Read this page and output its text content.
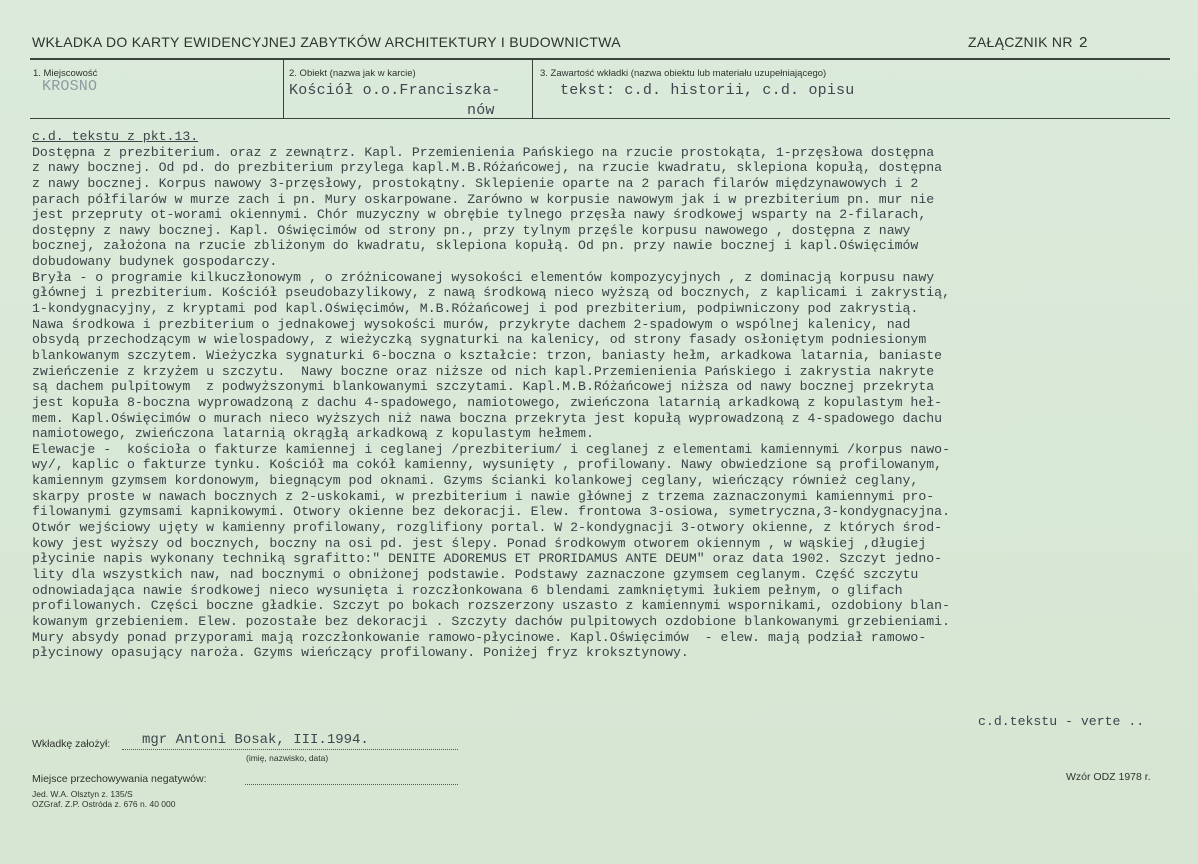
WKŁADKA DO KARTY EWIDENCYJNEJ ZABYTKÓW ARCHITEKTURY I BUDOWNICTWA	ZAŁĄCZNIK NR 2
1. Miejscowość
KROSNO
2. Obiekt (nazwa jak w karcie)
Kościół o.o.Franciszka-
nów
3. Zawartość wkładki (nazwa obiektu lub materiału uzupełniającego)
tekst: c.d. historii, c.d. opisu
c.d. tekstu z pkt.13.
Dostępna z prezbiterium. oraz z zewnątrz. Kapl. Przemienienia Pańskiego na rzucie prostokąta, 1-przęsłowa dostępna
z nawy bocznej. Od pd. do prezbiterium przylega kapl.M.B.Różańcowej, na rzucie kwadratu, sklepiona kopułą, dostępna
z nawy bocznej. Korpus nawowy 3-przęsłowy, prostokątny. Sklepienie oparte na 2 parach filarów międzynawowych i 2
parach półfilarów w murze zach i pn. Mury oskarpowane. Zarówno w korpusie nawowym jak i w prezbiterium pn. mur nie
jest przepruty ot-worami okiennymi. Chór muzyczny w obrębie tylnego przęsła nawy środkowej wsparty na 2-filarach,
dostępny z nawy bocznej. Kapl. Oświęcimów od strony pn., przy tylnym przęśle korpusu nawowego , dostępna z nawy
bocznej, założona na rzucie zbliżonym do kwadratu, sklepiona kopułą. Od pn. przy nawie bocznej i kapl.Oświęcimów
dobudowany budynek gospodarczy.
Bryła - o programie kilkuczłonowym , o zróżnicowanej wysokości elementów kompozycyjnych , z dominacją korpusu nawy
głównej i prezbiterium. Kościół pseudobazylikowy, z nawą środkową nieco wyższą od bocznych, z kaplicami i zakrystią,
1-kondygnacyjny, z kryptami pod kapl.Oświęcimów, M.B.Różańcowej i pod prezbiterium, podpiwniczony pod zakrystią.
Nawa środkowa i prezbiterium o jednakowej wysokości murów, przykryte dachem 2-spadowym o wspólnej kalenicy, nad
obsydą przechodzącym w wielospadowy, z wieżyczką sygnaturki na kalenicy, od strony fasady osłoniętym podniesionym
blankowanym szczytem. Wieżyczka sygnaturki 6-boczna o kształcie: trzon, baniasty hełm, arkadkowa latarnia, baniaste
zwieńczenie z krzyżem u szczytu.  Nawy boczne oraz niższe od nich kapl.Przemienienia Pańskiego i zakrystia nakryte
są dachem pulpitowym  z podwyższonymi blankowanymi szczytami. Kapl.M.B.Różańcowej niższa od nawy bocznej przekryta
jest kopuła 8-boczna wyprowadzoną z dachu 4-spadowego, namiotowego, zwieńczona latarnią arkadkową z kopulastym heł-
mem. Kapl.Oświęcimów o murach nieco wyższych niż nawa boczna przekryta jest kopułą wyprowadzoną z 4-spadowego dachu
namiotowego, zwieńczona latarnią okrągłą arkadkową z kopulastym hełmem.
Elewacje -  kościoła o fakturze kamiennej i ceglanej /prezbiterium/ i ceglanej z elementami kamiennymi /korpus nawo-
wy/, kaplic o fakturze tynku. Kościół ma cokół kamienny, wysunięty , profilowany. Nawy obwiedzione są profilowanym,
kamiennym gzymsem kordonowym, biegnącym pod oknami. Gzyms ścianki kolankowej ceglany, wieńczący również ceglany,
skarpy proste w nawach bocznych z 2-uskokami, w prezbiterium i nawie głównej z trzema zaznaczonymi kamiennymi pro-
filowanymi gzymsami kapnikowymi. Otwory okienne bez dekoracji. Elew. frontowa 3-osiowa, symetryczna,3-kondygnacyjna.
Otwór wejściowy ujęty w kamienny profilowany, rozglifiony portal. W 2-kondygnacji 3-otwory okienne, z których środ-
kowy jest wyższy od bocznych, boczny na osi pd. jest ślepy. Ponad środkowym otworem okiennym , w wąskiej ,długiej
płycinie napis wykonany techniką sgrafitto:" DENITE ADOREMUS ET PRORIDAMUS ANTE DEUM" oraz data 1902. Szczyt jedno-
lity dla wszystkich naw, nad bocznymi o obniżonej podstawie. Podstawy zaznaczone gzymsem ceglanym. Część szczytu
odnowiadająca nawie środkowej nieco wysunięta i rozczłonkowana 6 blendami zamkniętymi łukiem pełnym, o glifach
profilowanych. Części boczne gładkie. Szczyt po bokach rozszerzony uszasto z kamiennymi wspornikami, ozdobiony blan-
kowanym grzebieniem. Elew. pozostałe bez dekoracji . Szczyty dachów pulpitowych ozdobione blankowanymi grzebieniami.
Mury absydy ponad przyporami mają rozczłonkowanie ramowo-płycinowe. Kapl.Oświęcimów  - elew. mają podział ramowo-
płycinowy opasujący naroża. Gzyms wieńczący profilowany. Poniżej fryz kroksztynowy.
c.d.tekstu - verte ..
Wkładkę założył: mgr Antoni Bosak, III.1994.
(imię, nazwisko, data)
Miejsce przechowywania negatywów:	Wzór ODZ 1978 r.
Jed. W.A. Olsztyn z. 135/S
OZGraf. Z.P. Ostróda z. 676 n. 40 000
